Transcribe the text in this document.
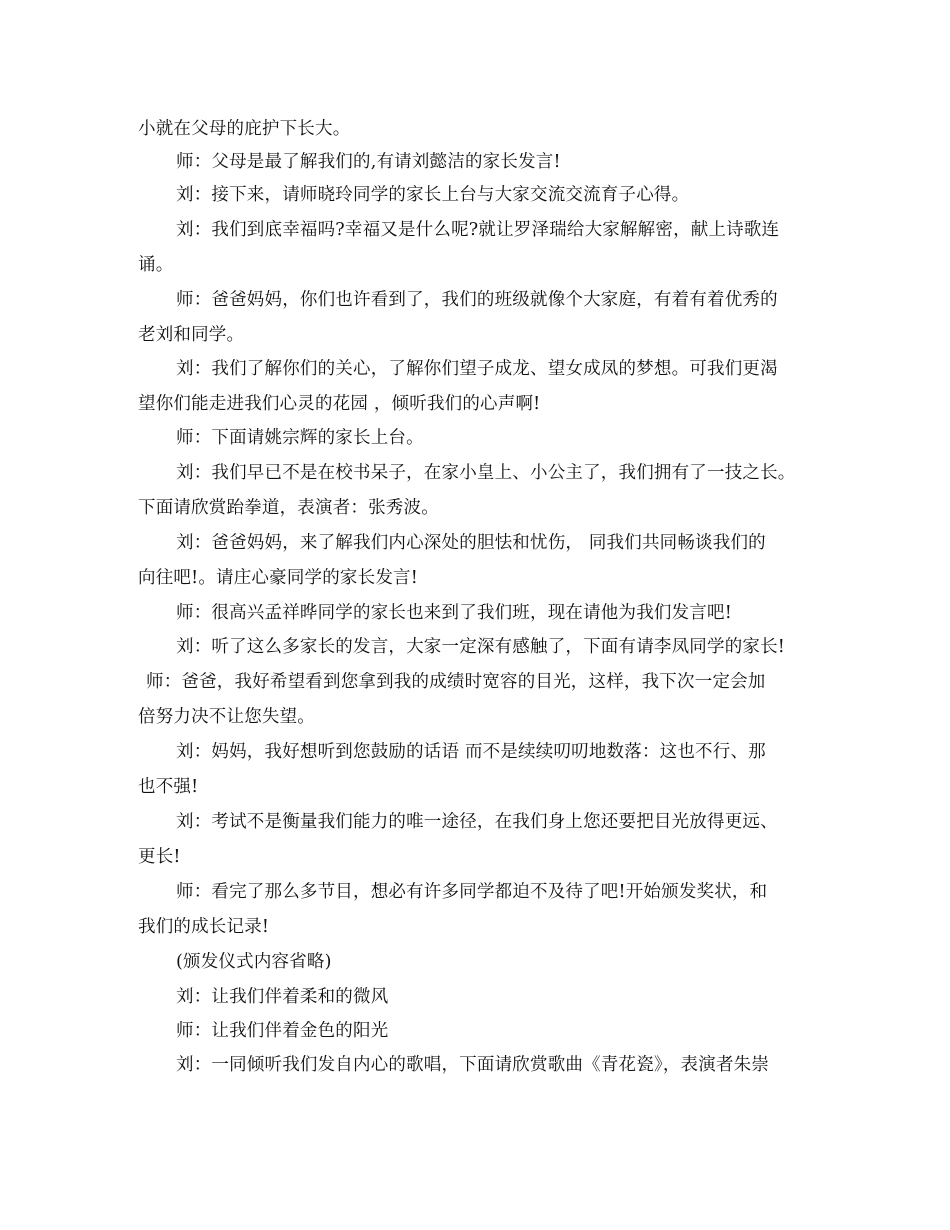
小就在父母的庇护下长大。
师：父母是最了解我们的,有请刘懿洁的家长发言!
刘：接下来，请师晓玲同学的家长上台与大家交流交流育子心得。
刘：我们到底幸福吗?幸福又是什么呢?就让罗泽瑞给大家解解密，献上诗歌连
诵。
师：爸爸妈妈，你们也许看到了，我们的班级就像个大家庭，有着有着优秀的
老刘和同学。
刘：我们了解你们的关心，了解你们望子成龙、望女成凤的梦想。可我们更渴
望你们能走进我们心灵的花园 ，倾听我们的心声啊!
师：下面请姚宗辉的家长上台。
刘：我们早已不是在校书呆子，在家小皇上、小公主了，我们拥有了一技之长。
下面请欣赏跆拳道，表演者：张秀波。
刘：爸爸妈妈，来了解我们内心深处的胆怯和忧伤， 同我们共同畅谈我们的
向往吧!。请庄心豪同学的家长发言!
师：很高兴孟祥晔同学的家长也来到了我们班，现在请他为我们发言吧!
刘：听了这么多家长的发言，大家一定深有感触了，下面有请李凤同学的家长!
师：爸爸，我好希望看到您拿到我的成绩时宽容的目光，这样，我下次一定会加
倍努力决不让您失望。
刘：妈妈，我好想听到您鼓励的话语 而不是续续叨叨地数落：这也不行、那
也不强!
刘：考试不是衡量我们能力的唯一途径，在我们身上您还要把目光放得更远、
更长!
师：看完了那么多节目，想必有许多同学都迫不及待了吧!开始颁发奖状，和
我们的成长记录!
(颁发仪式内容省略)
刘：让我们伴着柔和的微风
师：让我们伴着金色的阳光
刘：一同倾听我们发自内心的歌唱，下面请欣赏歌曲《青花瓷》，表演者朱崇
